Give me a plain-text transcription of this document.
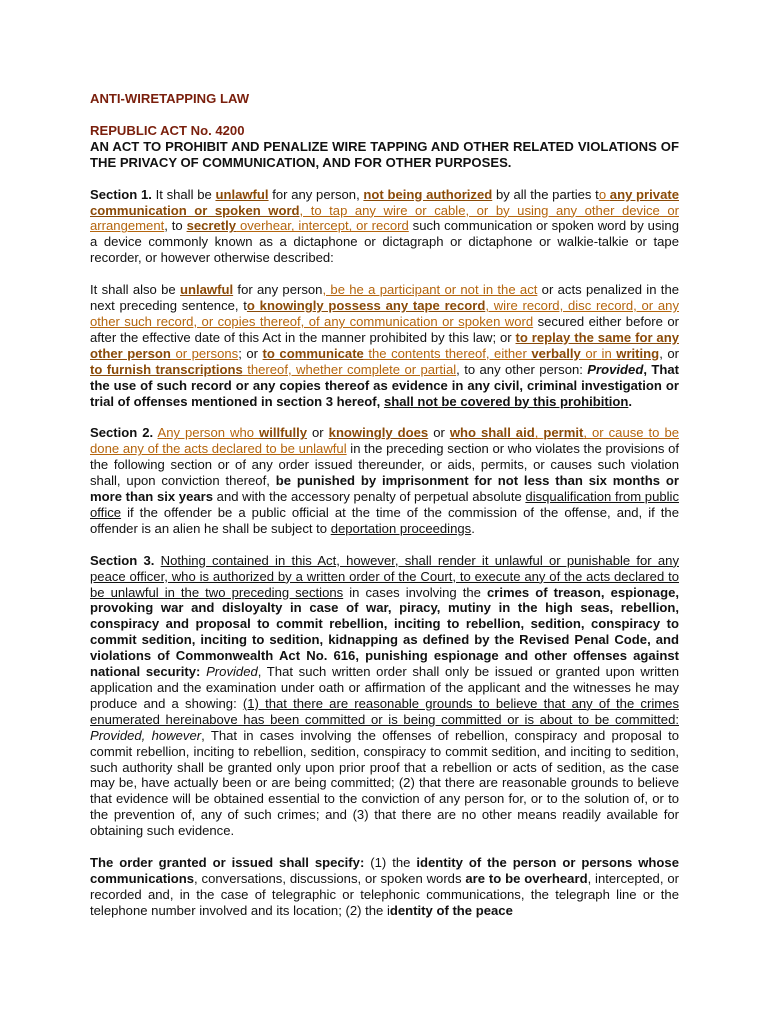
ANTI-WIRETAPPING LAW

REPUBLIC ACT No. 4200

AN ACT TO PROHIBIT AND PENALIZE WIRE TAPPING AND OTHER RELATED VIOLATIONS OF THE PRIVACY OF COMMUNICATION, AND FOR OTHER PURPOSES.

Section 1. It shall be unlawful for any person, not being authorized by all the parties to any private communication or spoken word, to tap any wire or cable, or by using any other device or arrangement, to secretly overhear, intercept, or record such communication or spoken word by using a device commonly known as a dictaphone or dictagraph or dictaphone or walkie-talkie or tape recorder, or however otherwise described:

It shall also be unlawful for any person, be he a participant or not in the act or acts penalized in the next preceding sentence, to knowingly possess any tape record, wire record, disc record, or any other such record, or copies thereof, of any communication or spoken word secured either before or after the effective date of this Act in the manner prohibited by this law; or to replay the same for any other person or persons; or to communicate the contents thereof, either verbally or in writing, or to furnish transcriptions thereof, whether complete or partial, to any other person: Provided, That the use of such record or any copies thereof as evidence in any civil, criminal investigation or trial of offenses mentioned in section 3 hereof, shall not be covered by this prohibition.

Section 2. Any person who willfully or knowingly does or who shall aid, permit, or cause to be done any of the acts declared to be unlawful in the preceding section or who violates the provisions of the following section or of any order issued thereunder, or aids, permits, or causes such violation shall, upon conviction thereof, be punished by imprisonment for not less than six months or more than six years and with the accessory penalty of perpetual absolute disqualification from public office if the offender be a public official at the time of the commission of the offense, and, if the offender is an alien he shall be subject to deportation proceedings.

Section 3. Nothing contained in this Act, however, shall render it unlawful or punishable for any peace officer, who is authorized by a written order of the Court, to execute any of the acts declared to be unlawful in the two preceding sections in cases involving the crimes of treason, espionage, provoking war and disloyalty in case of war, piracy, mutiny in the high seas, rebellion, conspiracy and proposal to commit rebellion, inciting to rebellion, sedition, conspiracy to commit sedition, inciting to sedition, kidnapping as defined by the Revised Penal Code, and violations of Commonwealth Act No. 616, punishing espionage and other offenses against national security: Provided, That such written order shall only be issued or granted upon written application and the examination under oath or affirmation of the applicant and the witnesses he may produce and a showing: (1) that there are reasonable grounds to believe that any of the crimes enumerated hereinabove has been committed or is being committed or is about to be committed: Provided, however, That in cases involving the offenses of rebellion, conspiracy and proposal to commit rebellion, inciting to rebellion, sedition, conspiracy to commit sedition, and inciting to sedition, such authority shall be granted only upon prior proof that a rebellion or acts of sedition, as the case may be, have actually been or are being committed; (2) that there are reasonable grounds to believe that evidence will be obtained essential to the conviction of any person for, or to the solution of, or to the prevention of, any of such crimes; and (3) that there are no other means readily available for obtaining such evidence.

The order granted or issued shall specify: (1) the identity of the person or persons whose communications, conversations, discussions, or spoken words are to be overheard, intercepted, or recorded and, in the case of telegraphic or telephonic communications, the telegraph line or the telephone number involved and its location; (2) the identity of the peace
